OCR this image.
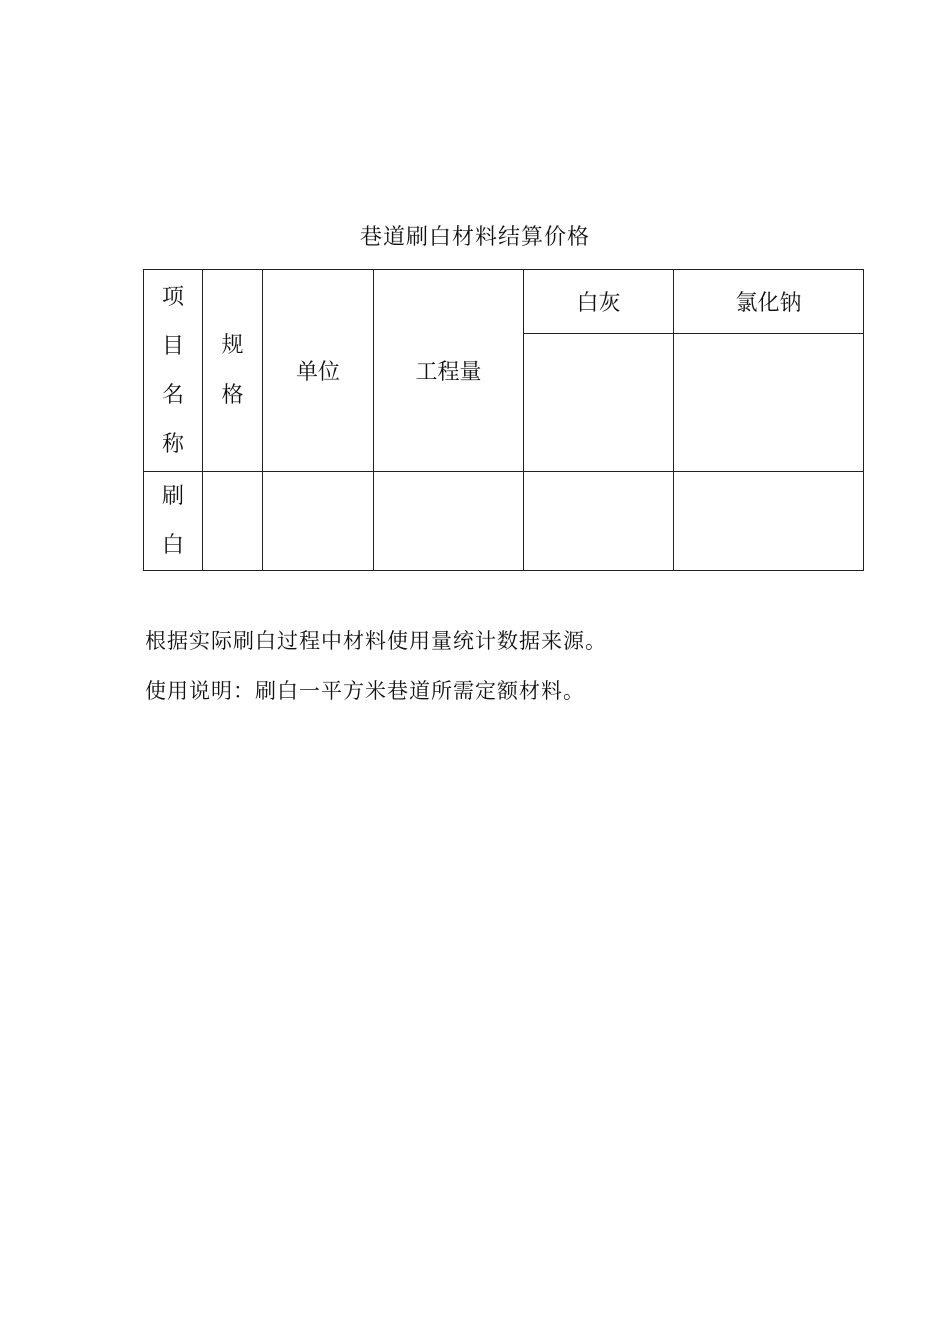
巷道刷白材料结算价格
项目名称	规格	单位	工程量	白灰	氯化钠

刷白					
根据实际刷白过程中材料使用量统计数据来源。
使用说明：刷白一平方米巷道所需定额材料。
